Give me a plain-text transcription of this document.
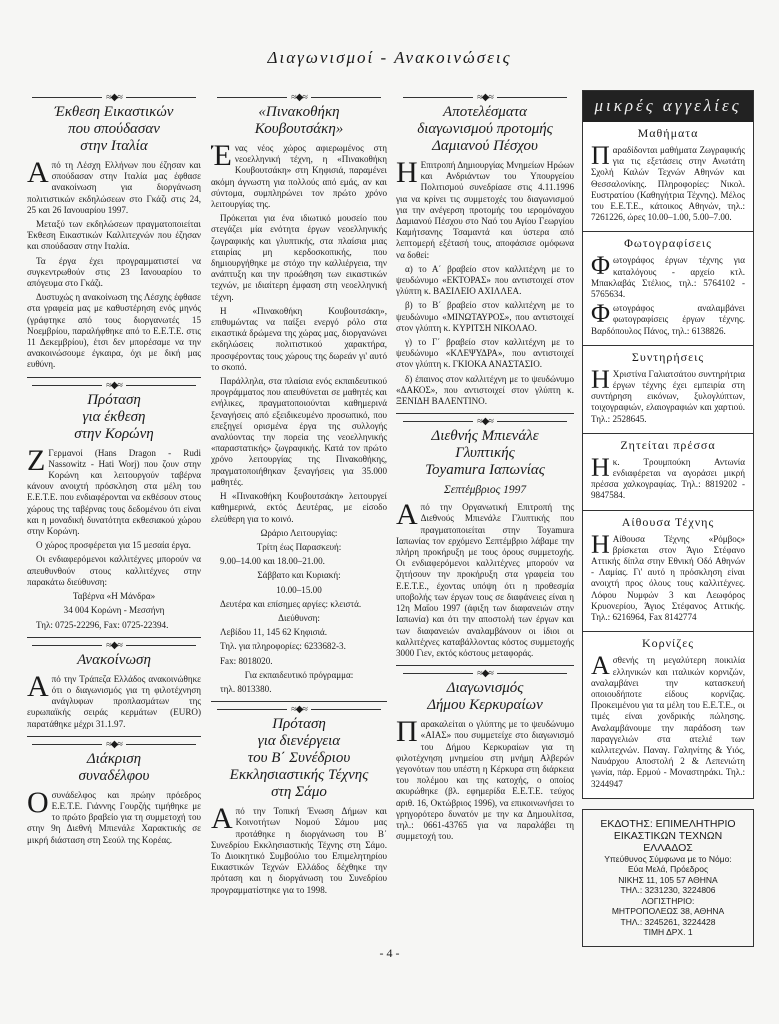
Διαγωνισμοί - Ανακοινώσεις
≈◆≈
Έκθεση Εικαστικών
που σπούδασαν
στην Ιταλία

Από τη Λέσχη Ελλήνων που έζησαν και σπούδασαν στην Ιταλία μας έφθασε ανακοίνωση για διοργάνωση πολιτιστικών εκδηλώσεων στο Γκάζι στις 24, 25 και 26 Ιανουαρίου 1997.

Μεταξύ των εκδηλώσεων πραγματοποιείται Έκθεση Εικαστικών Καλλιτεχνών που έζησαν και σπούδασαν στην Ιταλία.

Τα έργα έχει προγραμματιστεί να συγκεντρωθούν στις 23 Ιανουαρίου το απόγευμα στο Γκάζι.

Δυστυχώς η ανακοίνωση της Λέσχης έφθασε στα γραφεία μας με καθυστέρηση ενός μηνός (γράφτηκε από τους διοργανωτές 15 Νοεμβρίου, παραλήφθηκε από το Ε.Ε.Τ.Ε. στις 11 Δεκεμβρίου), έτσι δεν μπορέσαμε να την ανακοινώσουμε έγκαιρα, όχι με δική μας ευθύνη.

≈◆≈
Πρόταση
για έκθεση
στην Κορώνη

Ζ Γερμανοί (Hans Dragon - Rudi Nassowitz - Hati Worj) που ζουν στην Κορώνη και λειτουργούν ταβέρνα κάνουν ανοιχτή πρόσκληση στα μέλη του Ε.Ε.Τ.Ε. που ενδιαφέρονται να εκθέσουν στους χώρους της ταβέρνας τους δεδομένου ότι είναι και η μοναδική δυνατότητα εκθεσιακού χώρου στην Κορώνη.

Ο χώρος προσφέρεται για 15 μεσαία έργα.

Οι ενδιαφερόμενοι καλλιτέχνες μπορούν να απευθυνθούν στους καλλιτέχνες στην παρακάτω διεύθυνση:

Ταβέρνα «Η Μάνδρα»

34 004 Κορώνη - Μεσσήνη

Τηλ: 0725-22296, Fax: 0725-22394.

≈◆≈
Ανακοίνωση

Από την Τράπεζα Ελλάδος ανακοινώθηκε ότι ο διαγωνισμός για τη φιλοτέχνηση ανάγλυφων προπλασμάτων της ευρωπαϊκής σειράς κερμάτων (EURO) παρατάθηκε μέχρι 31.1.97.

≈◆≈
Διάκριση
συναδέλφου

Ο συνάδελφος και πρώην πρόεδρος Ε.Ε.Τ.Ε. Γιάννης Γουρζής τιμήθηκε με το πρώτο βραβείο για τη συμμετοχή του στην 9η Διεθνή Μπιενάλε Χαρακτικής σε μικρή διάσταση στη Σεούλ της Κορέας.

≈◆≈
«Πινακοθήκη
Κουβουτσάκη»

Ένας νέος χώρος αφιερωμένος στη νεοελληνική τέχνη, η «Πινακοθήκη Κουβουτσάκη» στη Κηφισιά, παραμένει ακόμη άγνωστη για πολλούς από εμάς, αν και σύντομα, συμπληρώνει τον πρώτο χρόνο λειτουργίας της.

Πρόκειται για ένα ιδιωτικό μουσείο που στεγάζει μία ενότητα έργων νεοελληνικής ζωγραφικής και γλυπτικής, στα πλαίσια μιας εταιρίας μη κερδοσκοπικής, που δημιουργήθηκε με στόχο την καλλιέργεια, την ανάπτυξη και την προώθηση των εικαστικών τεχνών, με ιδιαίτερη έμφαση στη νεοελληνική τέχνη.

Η «Πινακοθήκη Κουβουτσάκη», επιθυμώντας να παίξει ενεργό ρόλο στα εικαστικά δρώμενα της χώρας μας, διοργανώνει εκδηλώσεις πολιτιστικού χαρακτήρα, προσφέροντας τους χώρους της δωρεάν γι' αυτό το σκοπό.

Παράλληλα, στα πλαίσια ενός εκπαιδευτικού προγράμματος που απευθύνεται σε μαθητές και ενήλικες, πραγματοποιούνται καθημερινά ξεναγήσεις από εξειδικευμένο προσωπικό, που επεξηγεί ορισμένα έργα της συλλογής αναλύοντας την πορεία της νεοελληνικής «παραστατικής» ζωγραφικής. Κατά τον πρώτο χρόνο λειτουργίας της Πινακοθήκης, πραγματοποιήθηκαν ξεναγήσεις για 35.000 μαθητές.

Η «Πινακοθήκη Κουβουτσάκη» λειτουργεί καθημερινά, εκτός Δευτέρας, με είσοδο ελεύθερη για το κοινό.

Ωράριο Λειτουργίας:

Τρίτη έως Παρασκευή:

9.00–14.00 και 18.00–21.00.

Σάββατο και Κυριακή:

10.00–15.00

Δευτέρα και επίσημες αργίες: κλειστά.

Διεύθυνση:

Λεβίδου 11, 145 62 Κηφισιά.

Τηλ. για πληροφορίες: 6233682-3.

Fax: 8018020.

Για εκπαιδευτικό πρόγραμμα:

τηλ. 8013380.

≈◆≈
Πρόταση
για διενέργεια
του Β΄ Συνέδριου
Εκκλησιαστικής Τέχνης
στη Σάμο

Από την Τοπική Ένωση Δήμων και Κοινοτήτων Νομού Σάμου μας προτάθηκε η διοργάνωση του Β΄ Συνεδρίου Εκκλησιαστικής Τέχνης στη Σάμο. Το Διοικητικό Συμβούλιο του Επιμελητηρίου Εικαστικών Τεχνών Ελλάδος δέχθηκε την πρόταση και η διοργάνωση του Συνεδρίου προγραμματίστηκε για το 1998.

≈◆≈
Αποτελέσματα
διαγωνισμού προτομής
Δαμιανού Πέσχου

Η Επιτροπή Δημιουργίας Μνημείων Ηρώων και Ανδριάντων του Υπουργείου Πολιτισμού συνεδρίασε στις 4.11.1996 για να κρίνει τις συμμετοχές του διαγωνισμού για την ανέγερση προτομής του ιερομόναχου Δαμιανού Πέσχου στο Ναό του Αγίου Γεωργίου Καμήτσανης Τσαμαντά και ύστερα από λεπτομερή εξέτασή τους, αποφάσισε ομόφωνα να δοθεί:

α) το Α΄ βραβείο στον καλλιτέχνη με το ψευδώνυμο «ΕΚΤΟΡΑΣ» που αντιστοιχεί στον γλύπτη κ. ΒΑΣΙΛΕΙΟ ΑΧΙΛΛΕΑ.

β) το Β΄ βραβείο στον καλλιτέχνη με το ψευδώνυμο «ΜΙΝΩΤΑΥΡΟΣ», που αντιστοιχεί στον γλύπτη κ. ΚΥΡΙΤΣΗ ΝΙΚΟΛΑΟ.

γ) το Γ΄ βραβείο στον καλλιτέχνη με το ψευδώνυμο «ΚΛΕΨΥΔΡΑ», που αντιστοιχεί στον γλύπτη κ. ΓΚΙΟΚΑ ΑΝΑΣΤΑΣΙΟ.

δ) έπαινος στον καλλιτέχνη με το ψευδώνυμο «ΔΑΚΟΣ», που αντιστοιχεί στον γλύπτη κ. ΞΕΝΙΔΗ ΒΑΛΕΝΤΙΝΟ.

≈◆≈
Διεθνής Μπιενάλε
Γλυπτικής
Toyamura Ιαπωνίας
Σεπτέμβριος 1997

Από την Οργανωτική Επιτροπή της Διεθνούς Μπιενάλε Γλυπτικής που πραγματοποιείται στην Toyamura Ιαπωνίας τον ερχόμενο Σεπτέμβριο λάβαμε την πλήρη προκήρυξη με τους όρους συμμετοχής. Οι ενδιαφερόμενοι καλλιτέχνες μπορούν να ζητήσουν την προκήρυξη στα γραφεία του Ε.Ε.Τ.Ε., έχοντας υπόψη ότι η προθεσμία υποβολής των έργων τους σε διαφάνειες είναι η 12η Μαΐου 1997 (άφιξη των διαφανειών στην Ιαπωνία) και ότι την αποστολή των έργων και των διαφανειών αναλαμβάνουν οι ίδιοι οι καλλιτέχνες καταβάλλοντας κόστος συμμετοχής 3000 Γιεν, εκτός κόστους μεταφοράς.

≈◆≈
Διαγωνισμός
Δήμου Κερκυραίων

Παρακαλείται ο γλύπτης με το ψευδώνυμο «ΑΙΑΣ» που συμμετείχε στο διαγωνισμό του Δήμου Κερκυραίων για τη φιλοτέχνηση μνημείου στη μνήμη Αλβερών γεγονότων που υπέστη η Κέρκυρα στη διάρκεια του πολέμου και της κατοχής, ο οποίος ακυρώθηκε (βλ. εφημερίδα Ε.Ε.Τ.Ε. τεύχος αριθ. 16, Οκτώβριος 1996), να επικοινωνήσει το γρηγορότερο δυνατόν με την κα Δημουλίτσα, τηλ.: 0661-43765 για να παραλάβει τη συμμετοχή του.

μικρές αγγελίες
Μαθήματα

Παραδίδονται μαθήματα Ζωγραφικής για τις εξετάσεις στην Ανωτάτη Σχολή Καλών Τεχνών Αθηνών και Θεσσαλονίκης. Πληροφορίες: Νικολ. Ευστρατίου (Καθηγήτρια Τέχνης). Μέλος του Ε.Ε.Τ.Ε., κάτοικος Αθηνών, τηλ.: 7261226, ώρες 10.00–1.00, 5.00–7.00.

Φωτογραφίσεις

Φωτογράφος έργων τέχνης για καταλόγους - αρχείο κτλ. Μπακλαβάς Στέλιος, τηλ.: 5764102 - 5765634.

Φωτογράφος αναλαμβάνει φωτογραφίσεις έργων τέχνης. Βαρδόπουλος Πάνος, τηλ.: 6138826.

Συντηρήσεις

Η Χριστίνα Γαλιατσάτου συντηρήτρια έργων τέχνης έχει εμπειρία στη συντήρηση εικόνων, ξυλογλύπτων, τοιχογραφιών, ελαιογραφιών και χαρτιού. Τηλ.: 2528645.

Ζητείται πρέσσα

Η κ. Τρουμπούκη Αντωνία ενδιαφέρεται να αγοράσει μικρή πρέσσα χαλκογραφίας. Τηλ.: 8819202 - 9847584.

Αίθουσα Τέχνης

Η Αίθουσα Τέχνης «Ρόμβος» βρίσκεται στον Άγιο Στέφανο Αττικής δίπλα στην Εθνική Οδό Αθηνών - Λαμίας. Γι' αυτό η πρόσκληση είναι ανοιχτή προς όλους τους καλλιτέχνες. Λόφου Νυμφών 3 και Λεωφόρος Κρυονερίου, Άγιος Στέφανος Αττικής. Τηλ.: 6216964, Fax 8142774

Κορνίζες

Ασθενής τη μεγαλύτερη ποικιλία ελληνικών και ιταλικών κορνιζών, αναλαμβάνει την κατασκευή οποιουδήποτε είδους κορνίζας. Προκειμένου για τα μέλη του Ε.Ε.Τ.Ε., οι τιμές είναι χονδρικής πώλησης. Αναλαμβάνουμε την παράδοση των παραγγελιών στα ατελιέ των καλλιτεχνών. Παναγ. Γαληνίτης & Υιός, Ναυάρχου Αποστολή 2 & Λεπενιώτη γωνία, πάρ. Ερμού - Μοναστηράκι. Τηλ.: 3244947

ΕΚΔΟΤΗΣ: ΕΠΙΜΕΛΗΤΗΡΙΟ
ΕΙΚΑΣΤΙΚΩΝ ΤΕΧΝΩΝ
ΕΛΛΑΔΟΣ
Υπεύθυνος Σύμφωνα με το Νόμο:
Εύα Μελά, Πρόεδρος
ΝΙΚΗΣ 11, 105 57 ΑΘΗΝΑ
ΤΗΛ.: 3231230, 3224806
ΛΟΓΙΣΤΗΡΙΟ:
ΜΗΤΡΟΠΟΛΕΩΣ 38, ΑΘΗΝΑ
ΤΗΛ.: 3245261, 3224428
ΤΙΜΗ ΔΡΧ. 1
- 4 -
